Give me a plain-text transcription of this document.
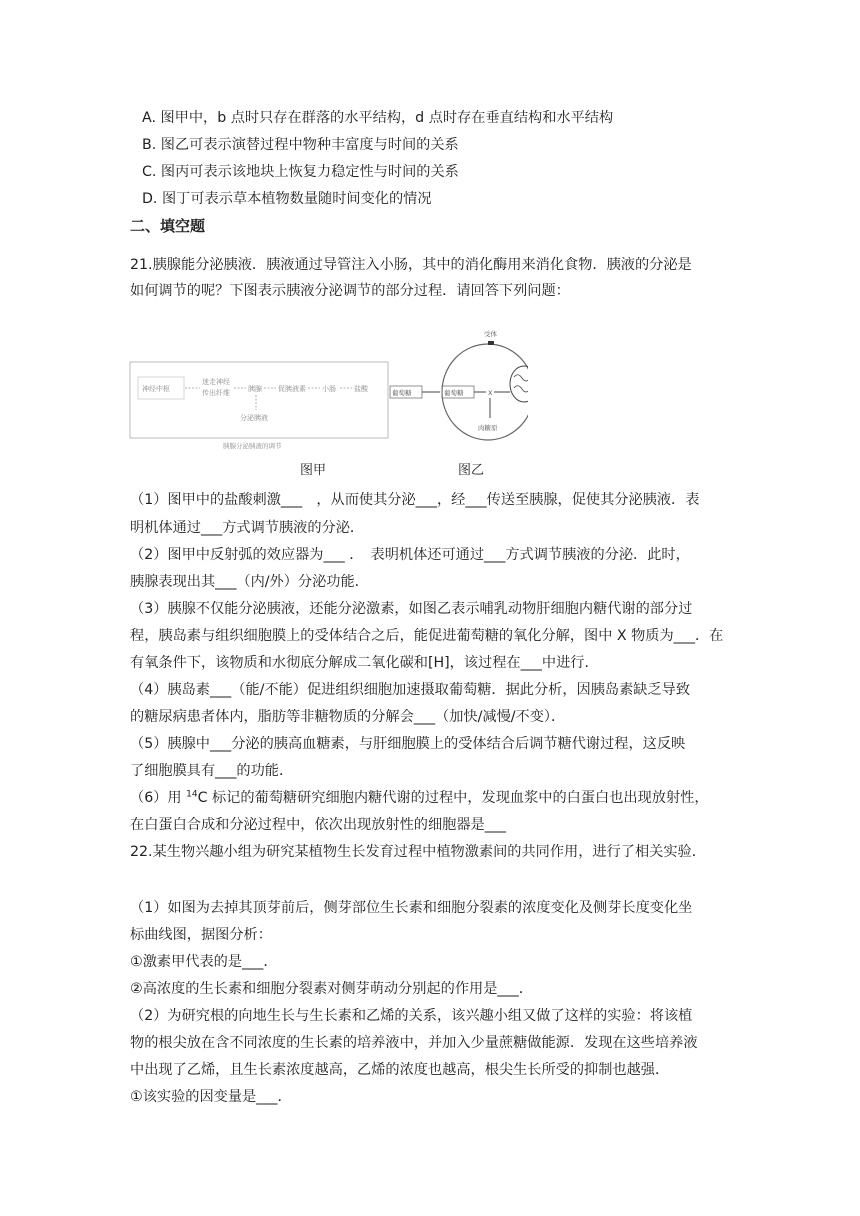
A. 图甲中，b 点时只存在群落的水平结构，d 点时存在垂直结构和水平结构
B. 图乙可表示演替过程中物种丰富度与时间的关系
C. 图丙可表示该地块上恢复力稳定性与时间的关系
D. 图丁可表示草本植物数量随时间变化的情况
二、填空题
21.胰腺能分泌胰液．胰液通过导管注入小肠，其中的消化酶用来消化食物．胰液的分泌是
如何调节的呢？下图表示胰液分泌调节的部分过程．请回答下列问题：
神经中枢
迷走神经
传出纤维	胰腺 促胰液素 小肠	盐酸
分泌胰液
胰腺分泌胰液的调节
受体
葡萄糖	葡萄糖	X
肉糖原
图甲	图乙
（1）图甲中的盐酸刺激___　，从而使其分泌___，经___传送至胰腺，促使其分泌胰液．表
明机体通过___方式调节胰液的分泌．
（2）图甲中反射弧的效应器为___ ．　表明机体还可通过___方式调节胰液的分泌．此时，
胰腺表现出其___（内/外）分泌功能．
（3）胰腺不仅能分泌胰液，还能分泌激素，如图乙表示哺乳动物肝细胞内糖代谢的部分过
程，胰岛素与组织细胞膜上的受体结合之后，能促进葡萄糖的氧化分解，图中 X 物质为___．在
有氧条件下，该物质和水彻底分解成二氧化碳和[H]，该过程在___中进行．
（4）胰岛素___（能/不能）促进组织细胞加速摄取葡萄糖．据此分析，因胰岛素缺乏导致
的糖尿病患者体内，脂肪等非糖物质的分解会___（加快/减慢/不变）．
（5）胰腺中___分泌的胰高血糖素，与肝细胞膜上的受体结合后调节糖代谢过程，这反映
了细胞膜具有___的功能．
（6）用 $^{14}$C 标记的葡萄糖研究细胞内糖代谢的过程中，发现血浆中的白蛋白也出现放射性，
在白蛋白合成和分泌过程中，依次出现放射性的细胞器是___
22.某生物兴趣小组为研究某植物生长发育过程中植物激素间的共同作用，进行了相关实验．
（1）如图为去掉其顶芽前后，侧芽部位生长素和细胞分裂素的浓度变化及侧芽长度变化坐
标曲线图，据图分析：
①激素甲代表的是___．
②高浓度的生长素和细胞分裂素对侧芽萌动分别起的作用是___．
（2）为研究根的向地生长与生长素和乙烯的关系，该兴趣小组又做了这样的实验：将该植
物的根尖放在含不同浓度的生长素的培养液中，并加入少量蔗糖做能源．发现在这些培养液
中出现了乙烯，且生长素浓度越高，乙烯的浓度也越高，根尖生长所受的抑制也越强．
①该实验的因变量是___．
